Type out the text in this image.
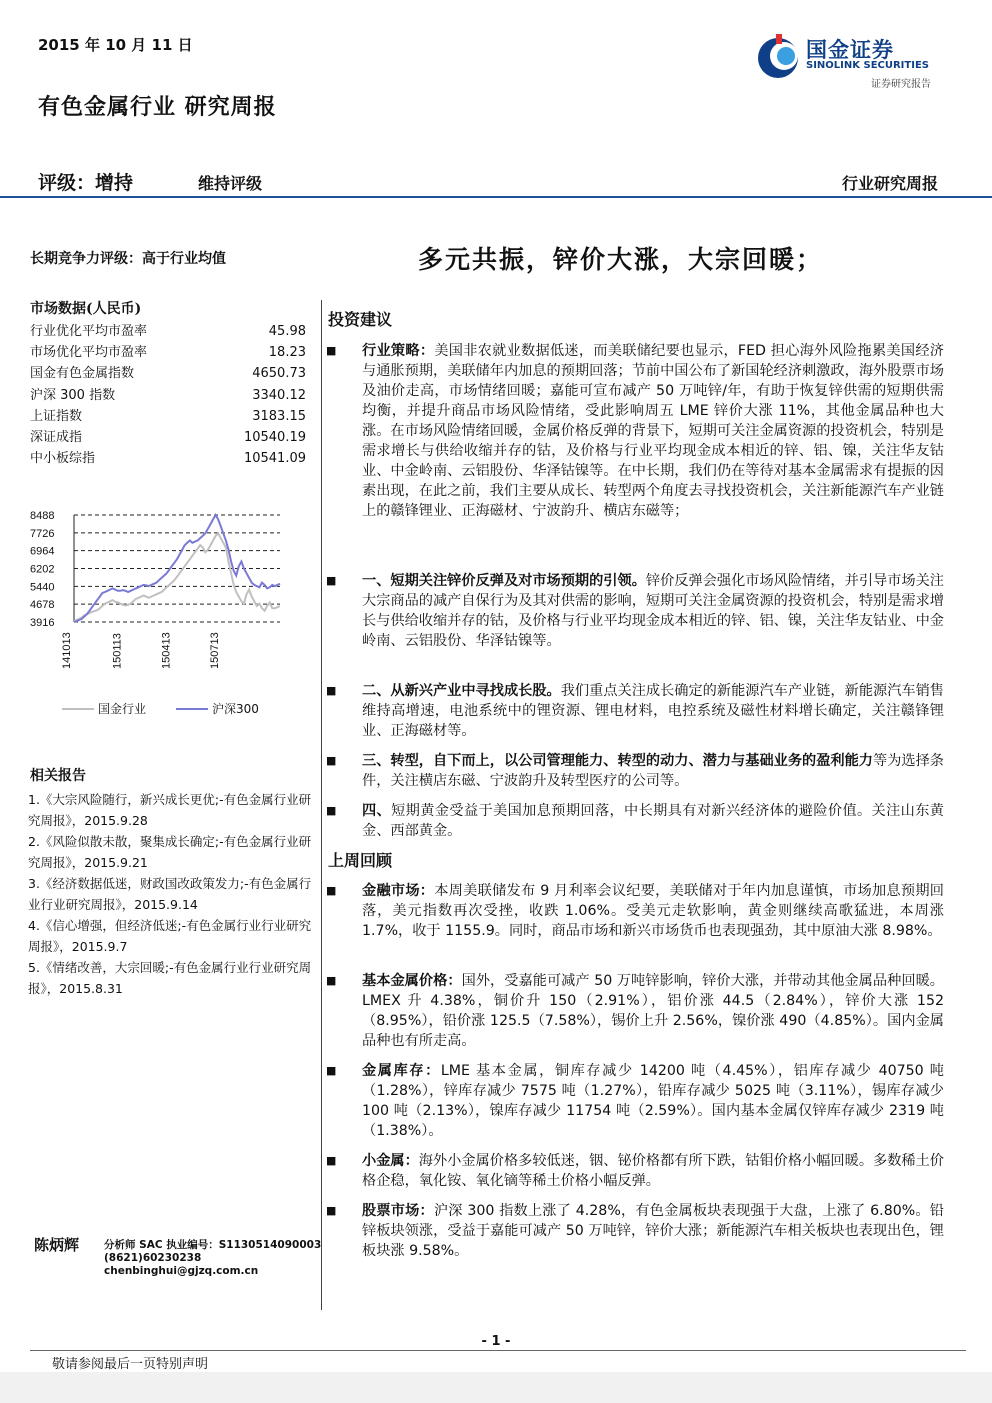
2015 年 10 月 11 日
有色金属行业 研究周报
国金证券
SINOLINK SECURITIES
证券研究报告
评级：增持	维持评级	行业研究周报
长期竞争力评级：高于行业均值	多元共振，锌价大涨，大宗回暖；
市场数据(人民币)
行业优化平均市盈率	45.98
市场优化平均市盈率	18.23
国金有色金属指数	4650.73
沪深 300 指数	3340.12
上证指数	3183.15
深证成指	10540.19
中小板综指	10541.09
8488
7726
6964
6202
5440
4678
3916
141013	150113	150413	150713
国金行业	沪深300
相关报告
1.《大宗风险随行，新兴成长更优;-有色金属行业研究周报》，2015.9.28
2.《风险似散未散，聚集成长确定;-有色金属行业研究周报》，2015.9.21
3.《经济数据低迷，财政国改政策发力;-有色金属行业行业研究周报》，2015.9.14
4.《信心增强，但经济低迷;-有色金属行业行业研究周报》，2015.9.7
5.《情绪改善，大宗回暖;-有色金属行业行业研究周报》，2015.8.31
投资建议
■ 行业策略：美国非农就业数据低迷，而美联储纪要也显示，FED 担心海外风险拖累美国经济与通胀预期，美联储年内加息的预期回落；节前中国公布了新国轮经济刺激政，海外股票市场及油价走高，市场情绪回暖；嘉能可宣布减产 50 万吨锌/年，有助于恢复锌供需的短期供需均衡，并提升商品市场风险情绪，受此影响周五 LME 锌价大涨 11%，其他金属品种也大涨。在市场风险情绪回暖，金属价格反弹的背景下，短期可关注金属资源的投资机会，特别是需求增长与供给收缩并存的钴，及价格与行业平均现金成本相近的锌、铝、镍，关注华友钴业、中金岭南、云铝股份、华泽钴镍等。在中长期，我们仍在等待对基本金属需求有提振的因素出现，在此之前，我们主要从成长、转型两个角度去寻找投资机会，关注新能源汽车产业链上的赣锋锂业、正海磁材、宁波韵升、横店东磁等；
■ 一、短期关注锌价反弹及对市场预期的引领。锌价反弹会强化市场风险情绪，并引导市场关注大宗商品的减产自保行为及其对供需的影响，短期可关注金属资源的投资机会，特别是需求增长与供给收缩并存的钴，及价格与行业平均现金成本相近的锌、铝、镍，关注华友钴业、中金岭南、云铝股份、华泽钴镍等。
■ 二、从新兴产业中寻找成长股。我们重点关注成长确定的新能源汽车产业链，新能源汽车销售维持高增速，电池系统中的锂资源、锂电材料，电控系统及磁性材料增长确定，关注赣锋锂业、正海磁材等。
■ 三、转型，自下而上，以公司管理能力、转型的动力、潜力与基础业务的盈利能力等为选择条件，关注横店东磁、宁波韵升及转型医疗的公司等。
■ 四、短期黄金受益于美国加息预期回落，中长期具有对新兴经济体的避险价值。关注山东黄金、西部黄金。
上周回顾
■ 金融市场：本周美联储发布 9 月利率会议纪要，美联储对于年内加息谨慎，市场加息预期回落，美元指数再次受挫，收跌 1.06%。受美元走软影响，黄金则继续高歌猛进，本周涨 1.7%，收于 1155.9。同时，商品市场和新兴市场货币也表现强劲，其中原油大涨 8.98%。
■ 基本金属价格：国外，受嘉能可减产 50 万吨锌影响，锌价大涨，并带动其他金属品种回暖。LMEX 升 4.38%，铜价升 150（2.91%），铝价涨 44.5（2.84%），锌价大涨 152（8.95%），铅价涨 125.5（7.58%），锡价上升 2.56%，镍价涨 490（4.85%）。国内金属品种也有所走高。
■ 金属库存：LME 基本金属，铜库存减少 14200 吨（4.45%），铝库存减少 40750 吨（1.28%），锌库存减少 7575 吨（1.27%），铅库存减少 5025 吨（3.11%），锡库存减少 100 吨（2.13%），镍库存减少 11754 吨（2.59%）。国内基本金属仅锌库存减少 2319 吨（1.38%）。
■ 小金属：海外小金属价格多较低迷，铟、铋价格都有所下跌，钴钼价格小幅回暖。多数稀土价格企稳，氧化铵、氧化镝等稀土价格小幅反弹。
■ 股票市场：沪深 300 指数上涨了 4.28%，有色金属板块表现强于大盘，上涨了 6.80%。铅锌板块领涨，受益于嘉能可减产 50 万吨锌，锌价大涨；新能源汽车相关板块也表现出色，锂板块涨 9.58%。
陈炳辉 分析师 SAC 执业编号：S1130514090003
(8621)60230238
chenbinghui@gjzq.com.cn
- 1 -
敬请参阅最后一页特别声明
